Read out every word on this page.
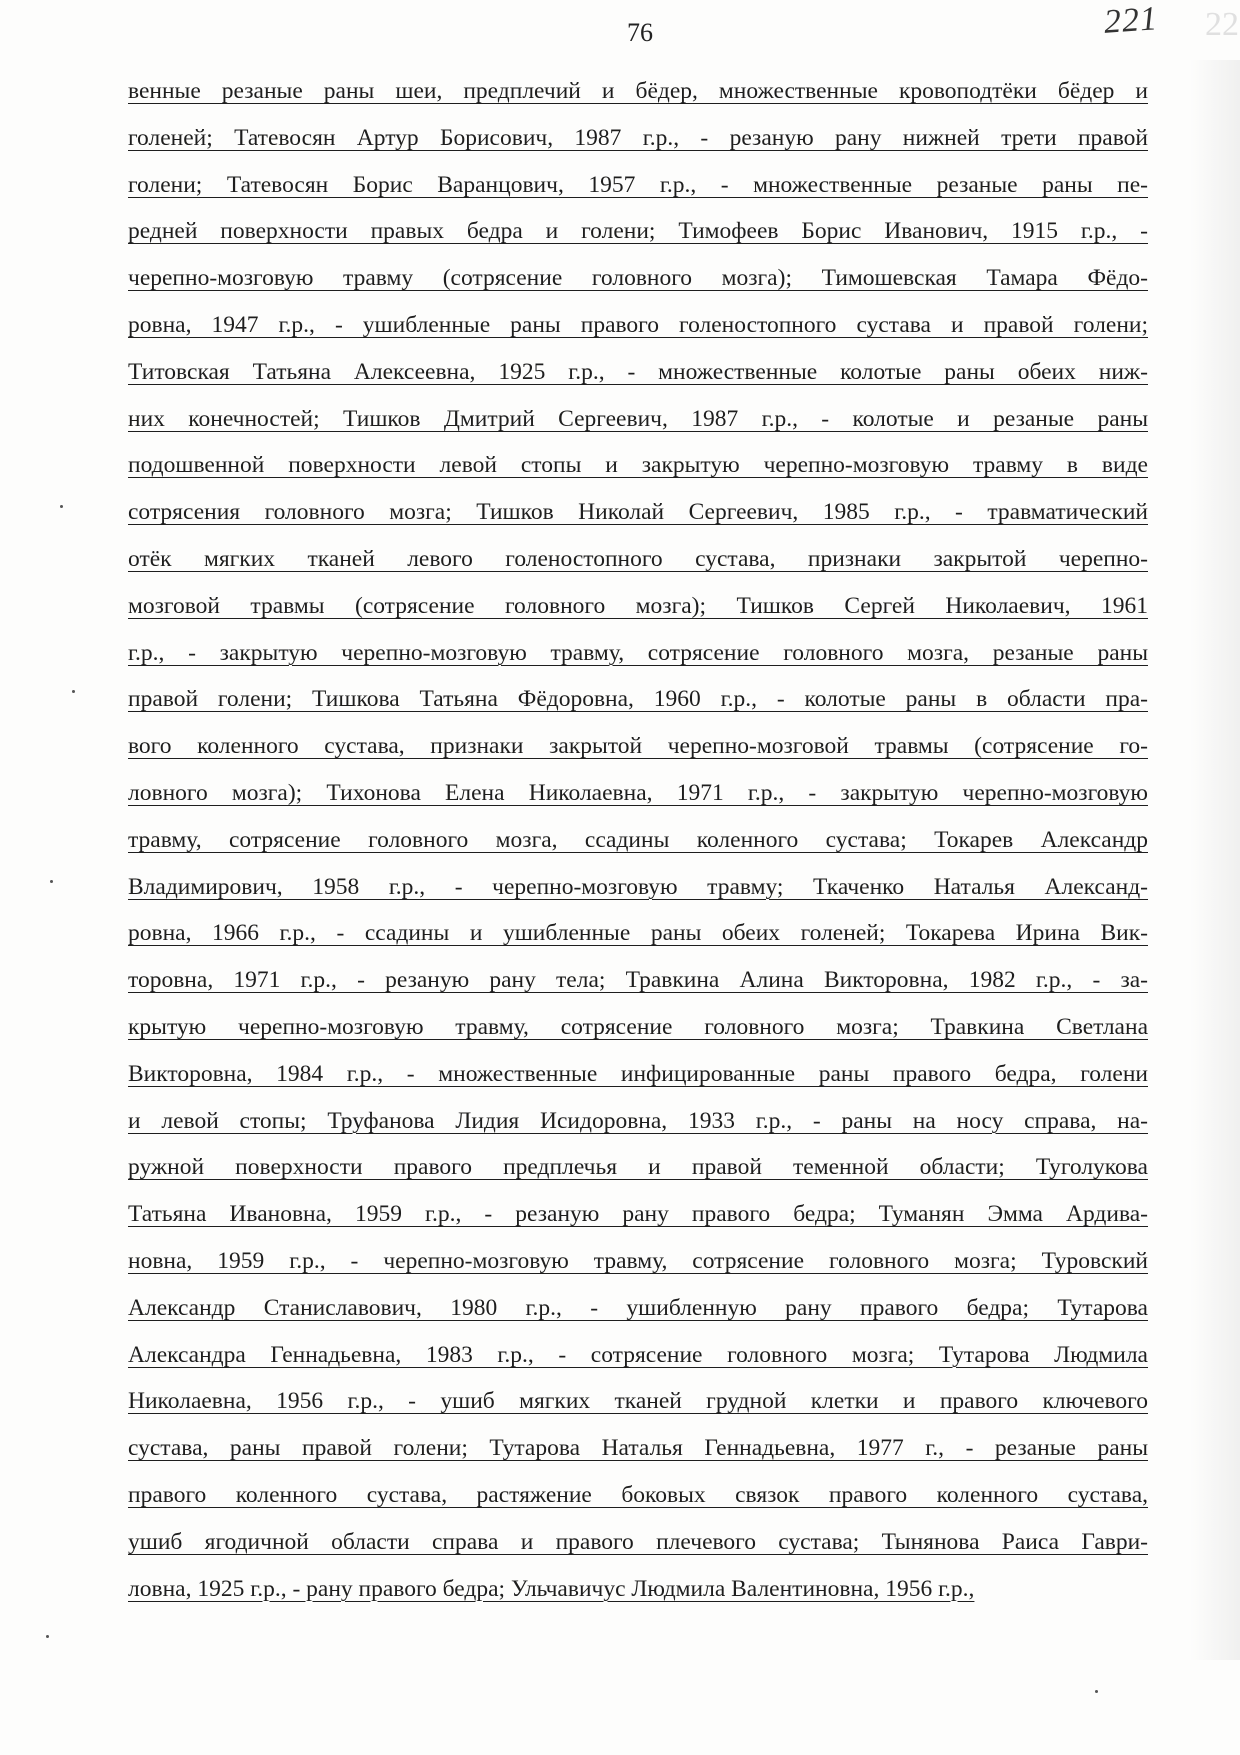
76	221 22
венные резаные раны шеи, предплечий и бёдер, множественные кровоподтёки бёдер и
голеней; Татевосян Артур Борисович, 1987 г.р., - резаную рану нижней трети правой
голени; Татевосян Борис Варанцович, 1957 г.р., - множественные резаные раны пе-
редней поверхности правых бедра и голени; Тимофеев Борис Иванович, 1915 г.р., -
черепно-мозговую травму (сотрясение головного мозга); Тимошевская Тамара Фёдо-
ровна, 1947 г.р., - ушибленные раны правого голеностопного сустава и правой голени;
Титовская Татьяна Алексеевна, 1925 г.р., - множественные колотые раны обеих ниж-
них конечностей; Тишков Дмитрий Сергеевич, 1987 г.р., - колотые и резаные раны
подошвенной поверхности левой стопы и закрытую черепно-мозговую травму в виде
сотрясения головного мозга; Тишков Николай Сергеевич, 1985 г.р., - травматический
отёк мягких тканей левого голеностопного сустава, признаки закрытой черепно-
мозговой травмы (сотрясение головного мозга); Тишков Сергей Николаевич, 1961
г.р., - закрытую черепно-мозговую травму, сотрясение головного мозга, резаные раны
правой голени; Тишкова Татьяна Фёдоровна, 1960 г.р., - колотые раны в области пра-
вого коленного сустава, признаки закрытой черепно-мозговой травмы (сотрясение го-
ловного мозга); Тихонова Елена Николаевна, 1971 г.р., - закрытую черепно-мозговую
травму, сотрясение головного мозга, ссадины коленного сустава; Токарев Александр
Владимирович, 1958 г.р., - черепно-мозговую травму; Ткаченко Наталья Александ-
ровна, 1966 г.р., - ссадины и ушибленные раны обеих голеней; Токарева Ирина Вик-
торовна, 1971 г.р., - резаную рану тела; Травкина Алина Викторовна, 1982 г.р., - за-
крытую черепно-мозговую травму, сотрясение головного мозга; Травкина Светлана
Викторовна, 1984 г.р., - множественные инфицированные раны правого бедра, голени
и левой стопы; Труфанова Лидия Исидоровна, 1933 г.р., - раны на носу справа, на-
ружной поверхности правого предплечья и правой теменной области; Туголукова
Татьяна Ивановна, 1959 г.р., - резаную рану правого бедра; Туманян Эмма Ардива-
новна, 1959 г.р., - черепно-мозговую травму, сотрясение головного мозга; Туровский
Александр Станиславович, 1980 г.р., - ушибленную рану правого бедра; Тутарова
Александра Геннадьевна, 1983 г.р., - сотрясение головного мозга; Тутарова Людмила
Николаевна, 1956 г.р., - ушиб мягких тканей грудной клетки и правого ключевого
сустава, раны правой голени; Тутарова Наталья Геннадьевна, 1977 г., - резаные раны
правого коленного сустава, растяжение боковых связок правого коленного сустава,
ушиб ягодичной области справа и правого плечевого сустава; Тынянова Раиса Гаври-
ловна, 1925 г.р., - рану правого бедра; Ульчавичус Людмила Валентиновна, 1956 г.р.,
